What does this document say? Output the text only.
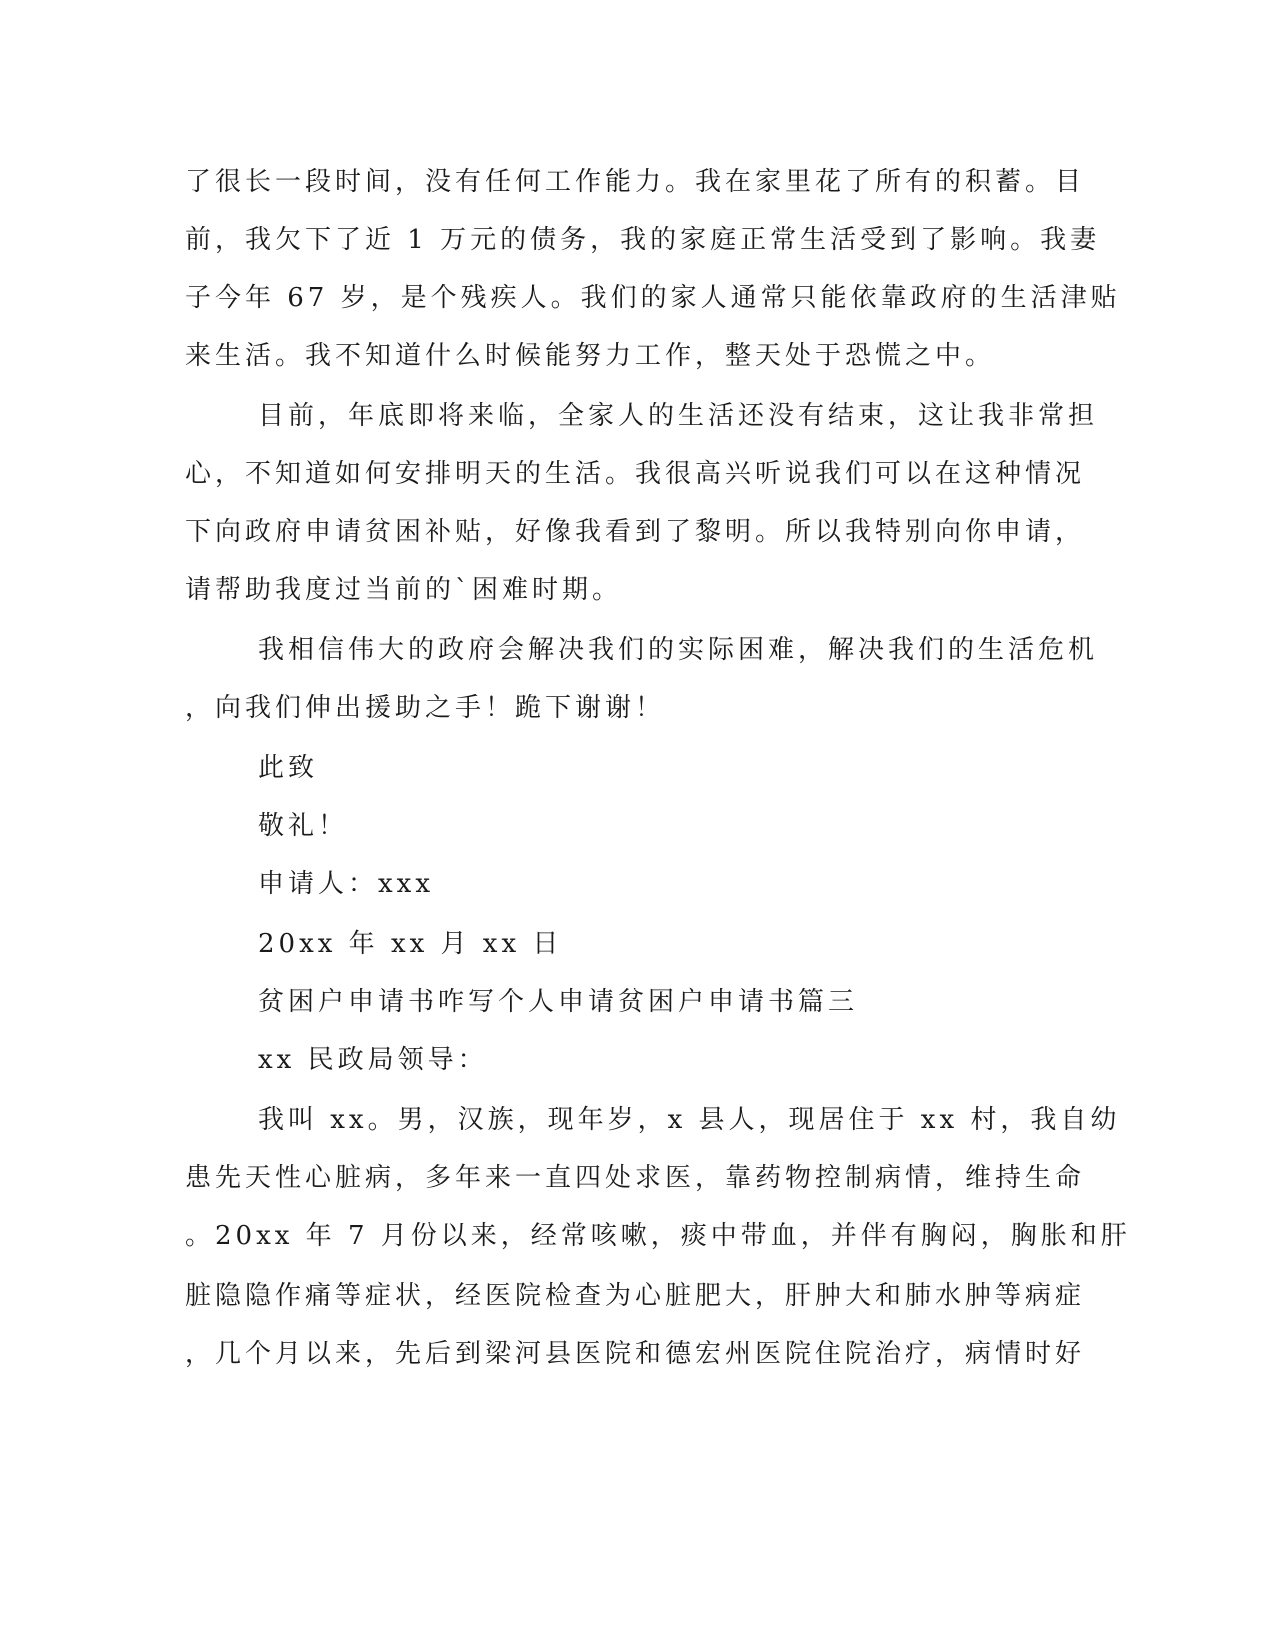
了很长一段时间，没有任何工作能力。我在家里花了所有的积蓄。目
前，我欠下了近 1 万元的债务，我的家庭正常生活受到了影响。我妻
子今年 67 岁，是个残疾人。我们的家人通常只能依靠政府的生活津贴
来生活。我不知道什么时候能努力工作，整天处于恐慌之中。
目前，年底即将来临，全家人的生活还没有结束，这让我非常担
心，不知道如何安排明天的生活。我很高兴听说我们可以在这种情况
下向政府申请贫困补贴，好像我看到了黎明。所以我特别向你申请，
请帮助我度过当前的`困难时期。
我相信伟大的政府会解决我们的实际困难，解决我们的生活危机
，向我们伸出援助之手！跪下谢谢！
此致
敬礼！
申请人：xxx
20xx 年 xx 月 xx 日
贫困户申请书咋写个人申请贫困户申请书篇三
xx 民政局领导：
我叫 xx。男，汉族，现年岁，x 县人，现居住于 xx 村，我自幼
患先天性心脏病，多年来一直四处求医，靠药物控制病情，维持生命
。20xx 年 7 月份以来，经常咳嗽，痰中带血，并伴有胸闷，胸胀和肝
脏隐隐作痛等症状，经医院检查为心脏肥大，肝肿大和肺水肿等病症
，几个月以来，先后到梁河县医院和德宏州医院住院治疗，病情时好
